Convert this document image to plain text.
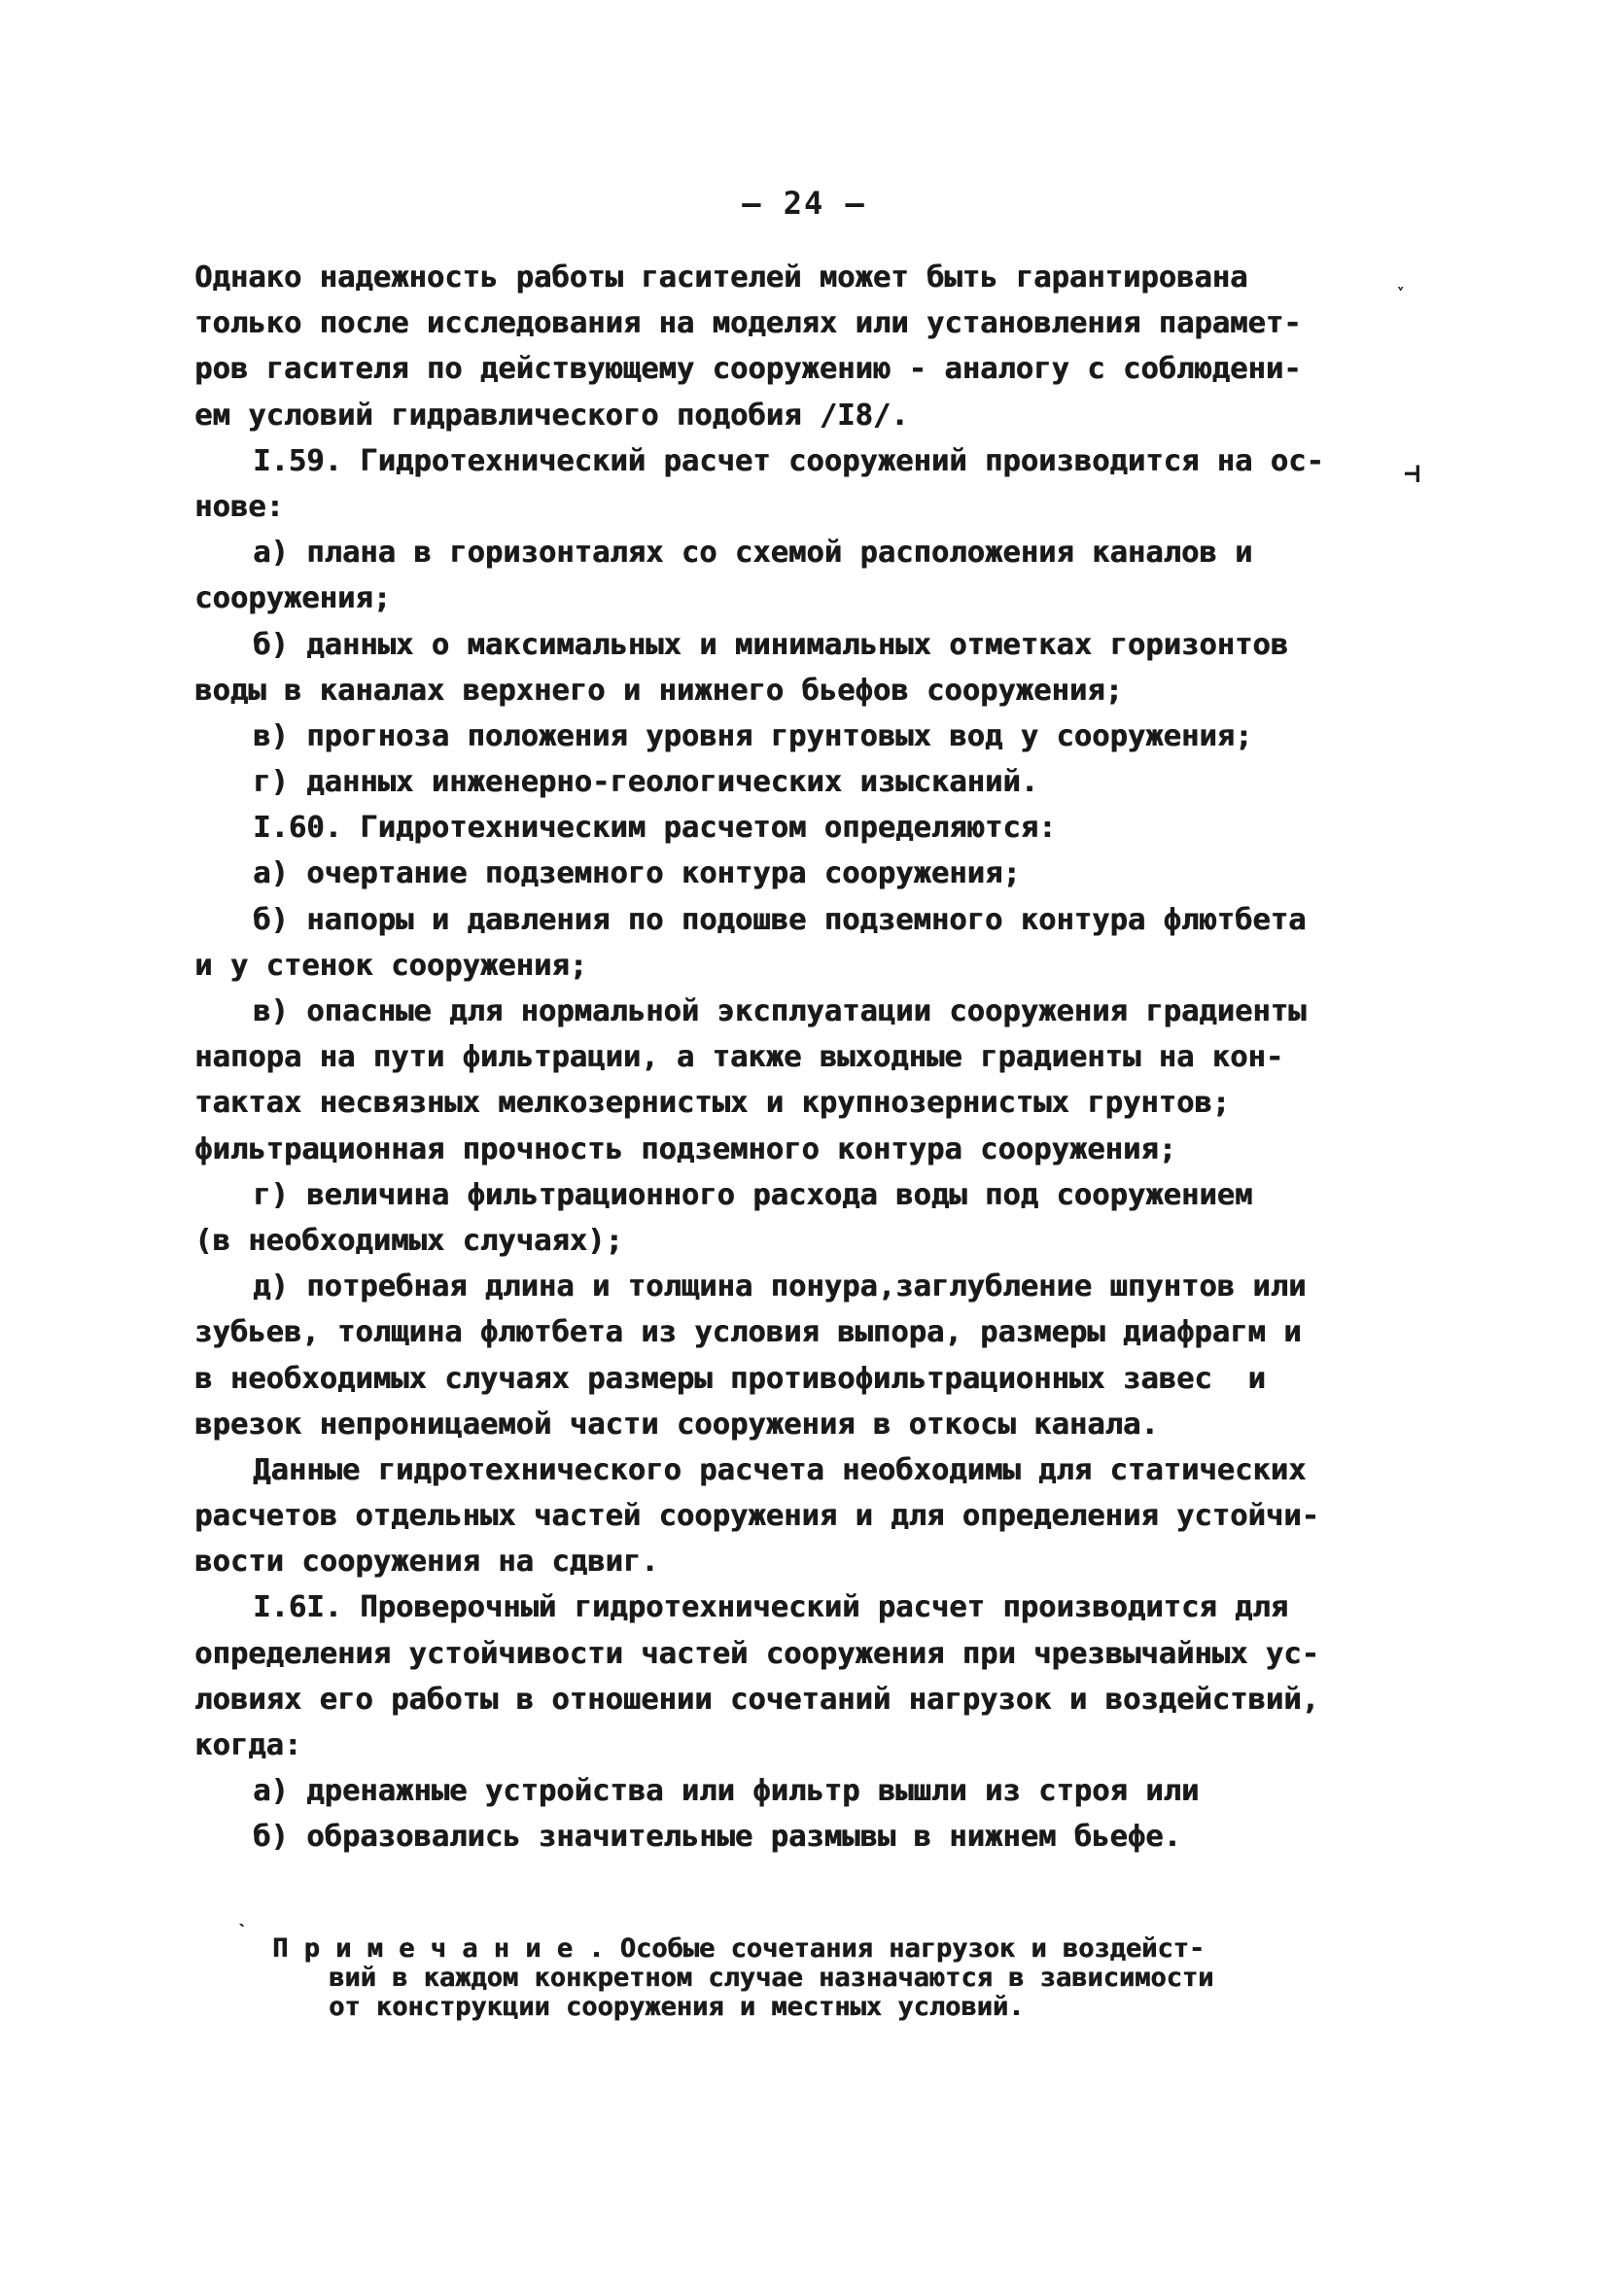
— 24 —
Однако надежность работы гасителей может быть гарантирована
только после исследования на моделях или установления парамет-
ров гасителя по действующему сооружению - аналогу с соблюдени-
ем условий гидравлического подобия /I8/.
I.59. Гидротехнический расчет сооружений производится на ос-
нове:
а) плана в горизонталях со схемой расположения каналов и
сооружения;
б) данных о максимальных и минимальных отметках горизонтов
воды в каналах верхнего и нижнего бьефов сооружения;
в) прогноза положения уровня грунтовых вод у сооружения;
г) данных инженерно-геологических изысканий.
I.60. Гидротехническим расчетом определяются:
а) очертание подземного контура сооружения;
б) напоры и давления по подошве подземного контура флютбета
и у стенок сооружения;
в) опасные для нормальной эксплуатации сооружения градиенты
напора на пути фильтрации, а также выходные градиенты на кон-
тактах несвязных мелкозернистых и крупнозернистых грунтов;
фильтрационная прочность подземного контура сооружения;
г) величина фильтрационного расхода воды под сооружением
(в необходимых случаях);
д) потребная длина и толщина понура,заглубление шпунтов или
зубьев, толщина флютбета из условия выпора, размеры диафрагм и
в необходимых случаях размеры противофильтрационных завес  и
врезок непроницаемой части сооружения в откосы канала.
Данные гидротехнического расчета необходимы для статических
расчетов отдельных частей сооружения и для определения устойчи-
вости сооружения на сдвиг.
I.6I. Проверочный гидротехнический расчет производится для
определения устойчивости частей сооружения при чрезвычайных ус-
ловиях его работы в отношении сочетаний нагрузок и воздействий,
когда:
а) дренажные устройства или фильтр вышли из строя или
б) образовались значительные размывы в нижнем бьефе.
П р и м е ч а н и е . Особые сочетания нагрузок и воздейст-
вий в каждом конкретном случае назначаются в зависимости
от конструкции сооружения и местных условий.
˯
⊣
ˋ
